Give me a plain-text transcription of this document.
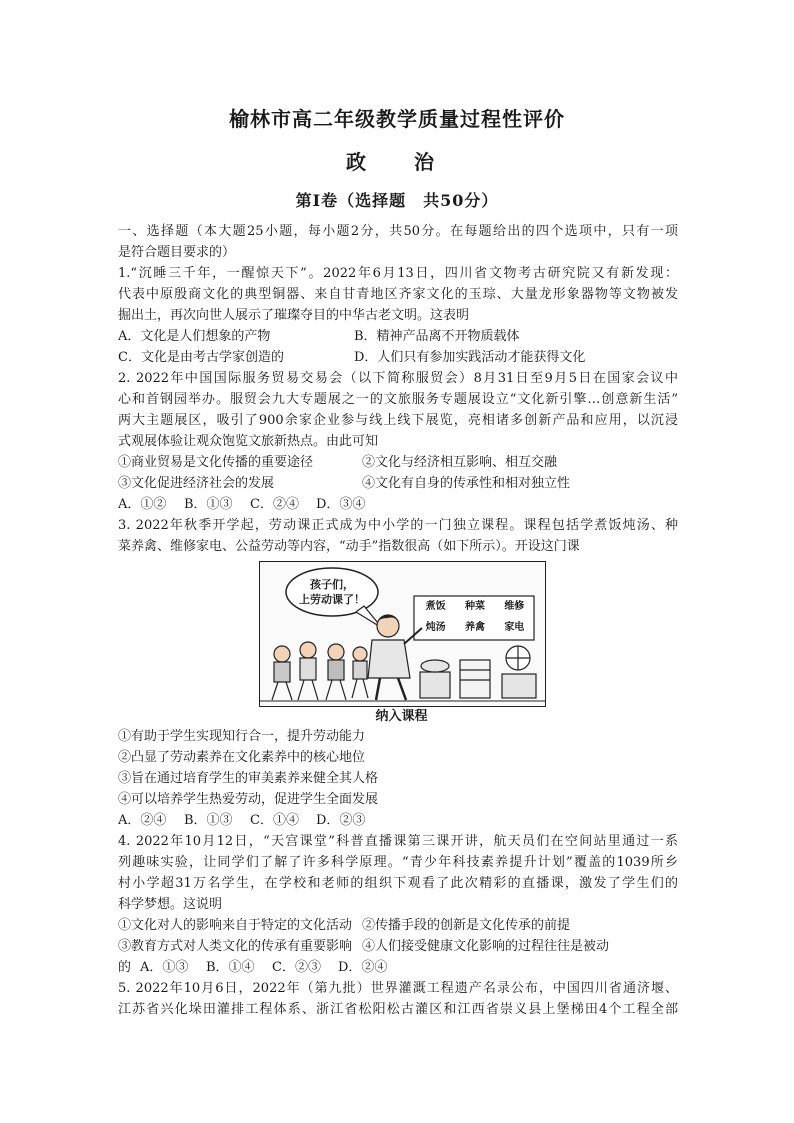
榆林市高二年级教学质量过程性评价
政　治
第Ⅰ卷（选择题　共50分）
一、选择题（本大题25小题，每小题2分，共50分。在每题给出的四个选项中，只有一项
是符合题目要求的）
1.“沉睡三千年，一醒惊天下”。2022年6月13日，四川省文物考古研究院又有新发现：
代表中原殷商文化的典型铜器、来自甘青地区齐家文化的玉琮、大量龙形象器物等文物被发
掘出土，再次向世人展示了璀璨夺目的中华古老文明。这表明
A．文化是人们想象的产物	B．精神产品离不开物质载体
C．文化是由考古学家创造的	D．人们只有参加实践活动才能获得文化
2. 2022年中国国际服务贸易交易会（以下简称服贸会）8月31日至9月5日在国家会议中
心和首钢园举办。服贸会九大专题展之一的文旅服务专题展设立“文化新引擎…创意新生活”
两大主题展区，吸引了900余家企业参与线上线下展览，亮相诸多创新产品和应用，以沉浸
式观展体验让观众饱览文旅新热点。由此可知
①商业贸易是文化传播的重要途径	②文化与经济相互影响、相互交融
③文化促进经济社会的发展	④文化有自身的传承性和相对独立性
A．①②	B．①③	C．②④	D．③④
3. 2022年秋季开学起，劳动课正式成为中小学的一门独立课程。课程包括学煮饭炖汤、种
菜养禽、维修家电、公益劳动等内容，“动手”指数很高（如下所示）。开设这门课
孩子们，
上劳动课了！
煮饭	种菜	维修
炖汤	养禽	家电
纳入课程
①有助于学生实现知行合一，提升劳动能力
②凸显了劳动素养在文化素养中的核心地位
③旨在通过培育学生的审美素养来健全其人格
④可以培养学生热爱劳动，促进学生全面发展
A．②④	B．①③	C．①④	D．②③
4. 2022年10月12日，“天宫课堂”科普直播课第三课开讲，航天员们在空间站里通过一系
列趣味实验，让同学们了解了许多科学原理。“青少年科技素养提升计划”覆盖的1039所乡
村小学超31万名学生，在学校和老师的组织下观看了此次精彩的直播课，激发了学生们的
科学梦想。这说明
①文化对人的影响来自于特定的文化活动 ②传播手段的创新是文化传承的前提
③教育方式对人类文化的传承有重要影响 ④人们接受健康文化影响的过程往往是被动
的 A．①③	B．①④	C．②③	D．②④
5. 2022年10月6日，2022年（第九批）世界灌溉工程遗产名录公布，中国四川省通济堰、
江苏省兴化垛田灌排工程体系、浙江省松阳松古灌区和江西省崇义县上堡梯田4个工程全部
